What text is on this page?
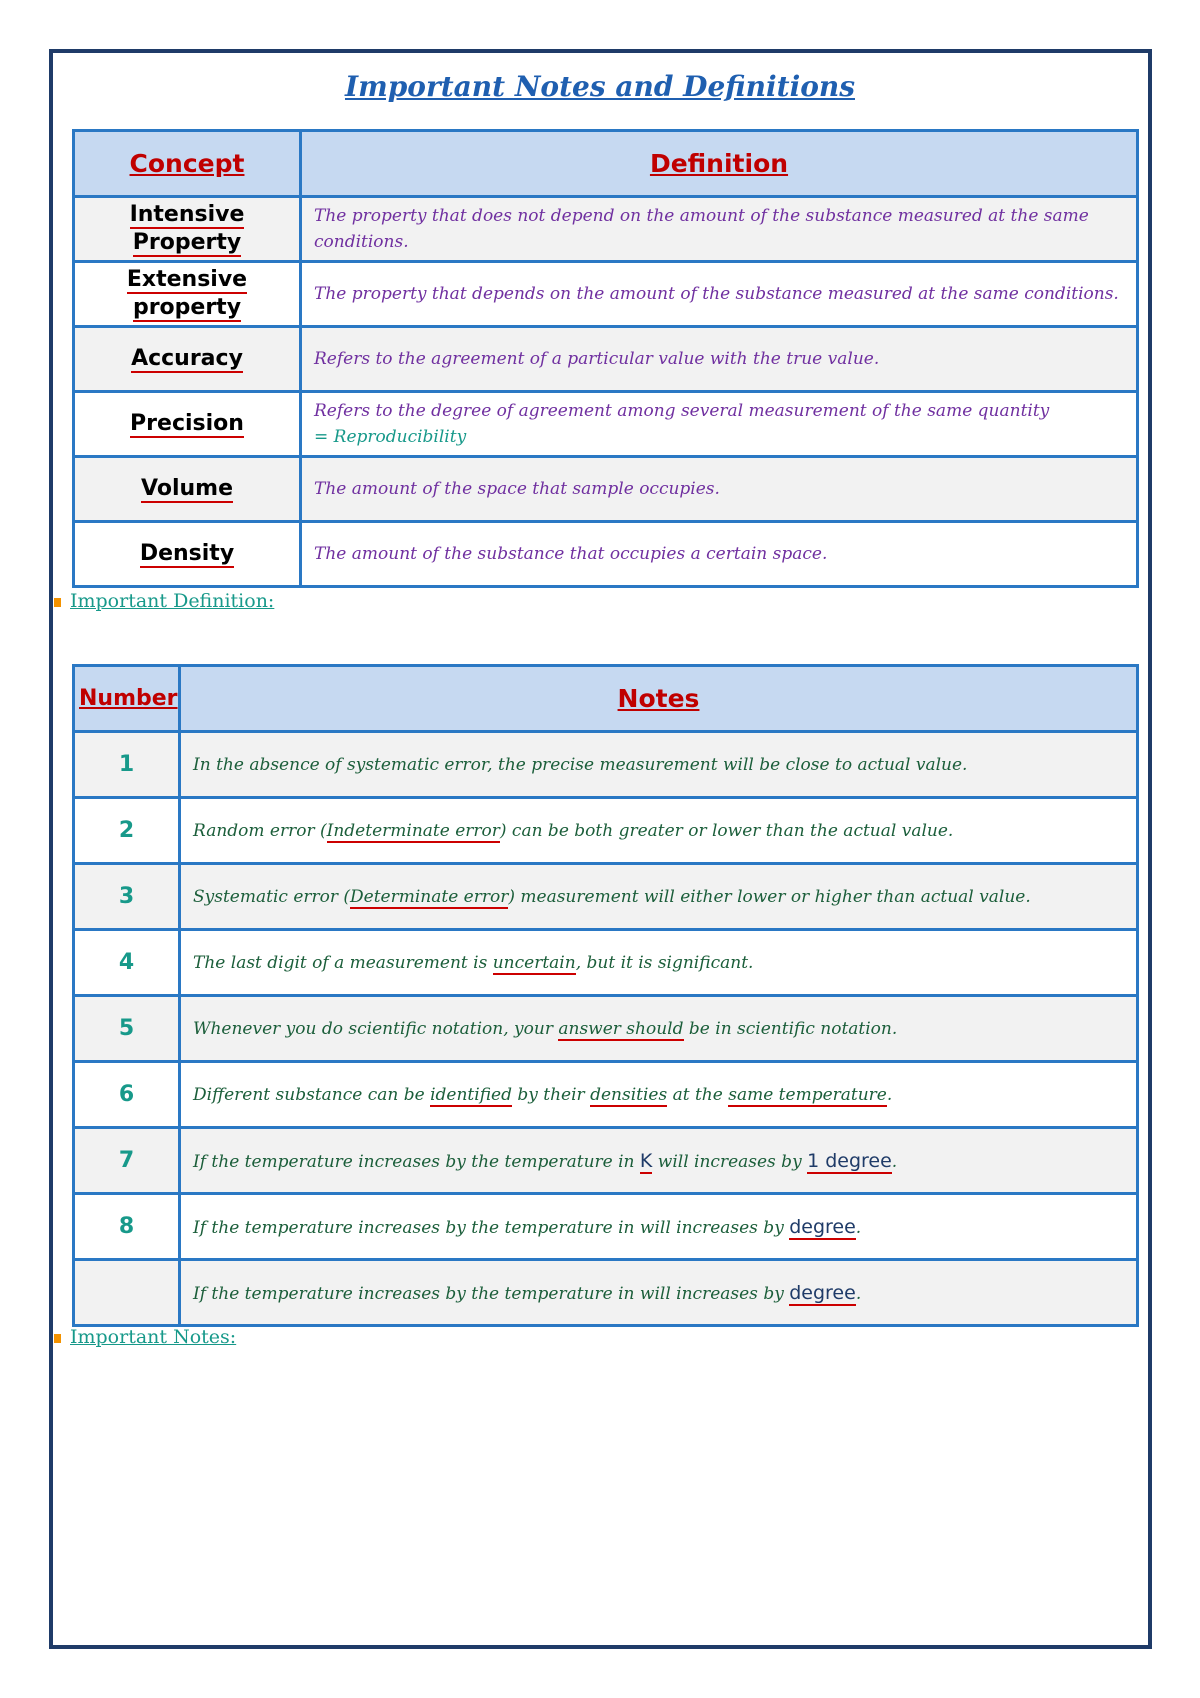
Important Notes and Definitions
Concept	Definition
Intensive Property	The property that does not depend on the amount of the substance measured at the same conditions.
Extensive property	The property that depends on the amount of the substance measured at the same conditions.
Accuracy	Refers to the agreement of a particular value with the true value.
Precision	Refers to the degree of agreement among several measurement of the same quantity
= Reproducibility

Volume	The amount of the space that sample occupies.
Density	The amount of the substance that occupies a certain space.
Important Definition:
Number	Notes
1	In the absence of systematic error, the precise measurement will be close to actual value.
2	Random error (Indeterminate error) can be both greater or lower than the actual value.
3	Systematic error (Determinate error) measurement will either lower or higher than actual value.
4	The last digit of a measurement is uncertain, but it is significant.
5	Whenever you do scientific notation, your answer should be in scientific notation.
6	Different substance can be identified by their densities at the same temperature.
7	If the temperature increases by the temperature in K will increases by 1 degree.
8	If the temperature increases by the temperature in will increases by degree.
	If the temperature increases by the temperature in will increases by degree.
Important Notes:
